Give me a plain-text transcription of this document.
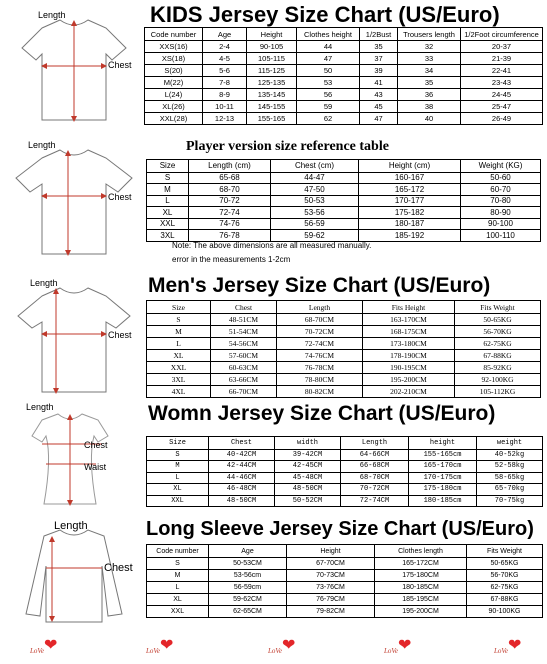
Length
Chest
KIDS Jersey Size Chart (US/Euro)
Code number	Age	Height	Clothes height	1/2Bust	Trousers length	1/2Foot circumference
XXS(16)	2-4	90-105	44	35	32	20-37
XS(18)	4-5	105-115	47	37	33	21-39
S(20)	5-6	115-125	50	39	34	22-41
M(22)	7-8	125-135	53	41	35	23-43
L(24)	8-9	135-145	56	43	36	24-45
XL(26)	10-11	145-155	59	45	38	25-47
XXL(28)	12-13	155-165	62	47	40	26-49
Length
Chest
Player version size reference table
Size	Length (cm)	Chest (cm)	Height (cm)	Weight (KG)
S	65-68	44-47	160-167	50-60
M	68-70	47-50	165-172	60-70
L	70-72	50-53	170-177	70-80
XL	72-74	53-56	175-182	80-90
XXL	74-76	56-59	180-187	90-100
3XL	76-78	59-62	185-192	100-110
Note: The above dimensions are all measured manually.
error in the measurements 1-2cm
Length
Chest
Men's Jersey Size Chart (US/Euro)
Size	Chest	Length	Fits Height	Fits Weight
S	48-51CM	68-70CM	163-170CM	50-65KG
M	51-54CM	70-72CM	168-175CM	56-70KG
L	54-56CM	72-74CM	173-180CM	62-75KG
XL	57-60CM	74-76CM	178-190CM	67-88KG
XXL	60-63CM	76-78CM	190-195CM	85-92KG
3XL	63-66CM	78-80CM	195-200CM	92-100KG
4XL	66-70CM	80-82CM	202-210CM	105-112KG
Length
Chest
Waist
Womn Jersey Size Chart (US/Euro)
Size	Chest	width	Length	height	weight
S	40-42CM	39-42CM	64-66CM	155-165cm	40-52kg
M	42-44CM	42-45CM	66-68CM	165-170cm	52-58kg
L	44-46CM	45-48CM	68-70CM	170-175cm	58-65kg
XL	46-48CM	48-50CM	70-72CM	175-180cm	65-70kg
XXL	48-50CM	50-52CM	72-74CM	180-185cm	70-75kg
Length
Chest
Long Sleeve Jersey Size Chart (US/Euro)
Code number	Age	Height	Clothes length	Fits Weight
S	50-53CM	67-70CM	165-172CM	50-65KG
M	53-56cm	70-73CM	175-180CM	56-70KG
L	56-59cm	73-76CM	180-185CM	62-75KG
XL	59-62CM	76-79CM	185-195CM	67-88KG
XXL	62-65CM	79-82CM	195-200CM	90-100KG
LoVe ❤	LoVe ❤	LoVe ❤	LoVe ❤	LoVe ❤
